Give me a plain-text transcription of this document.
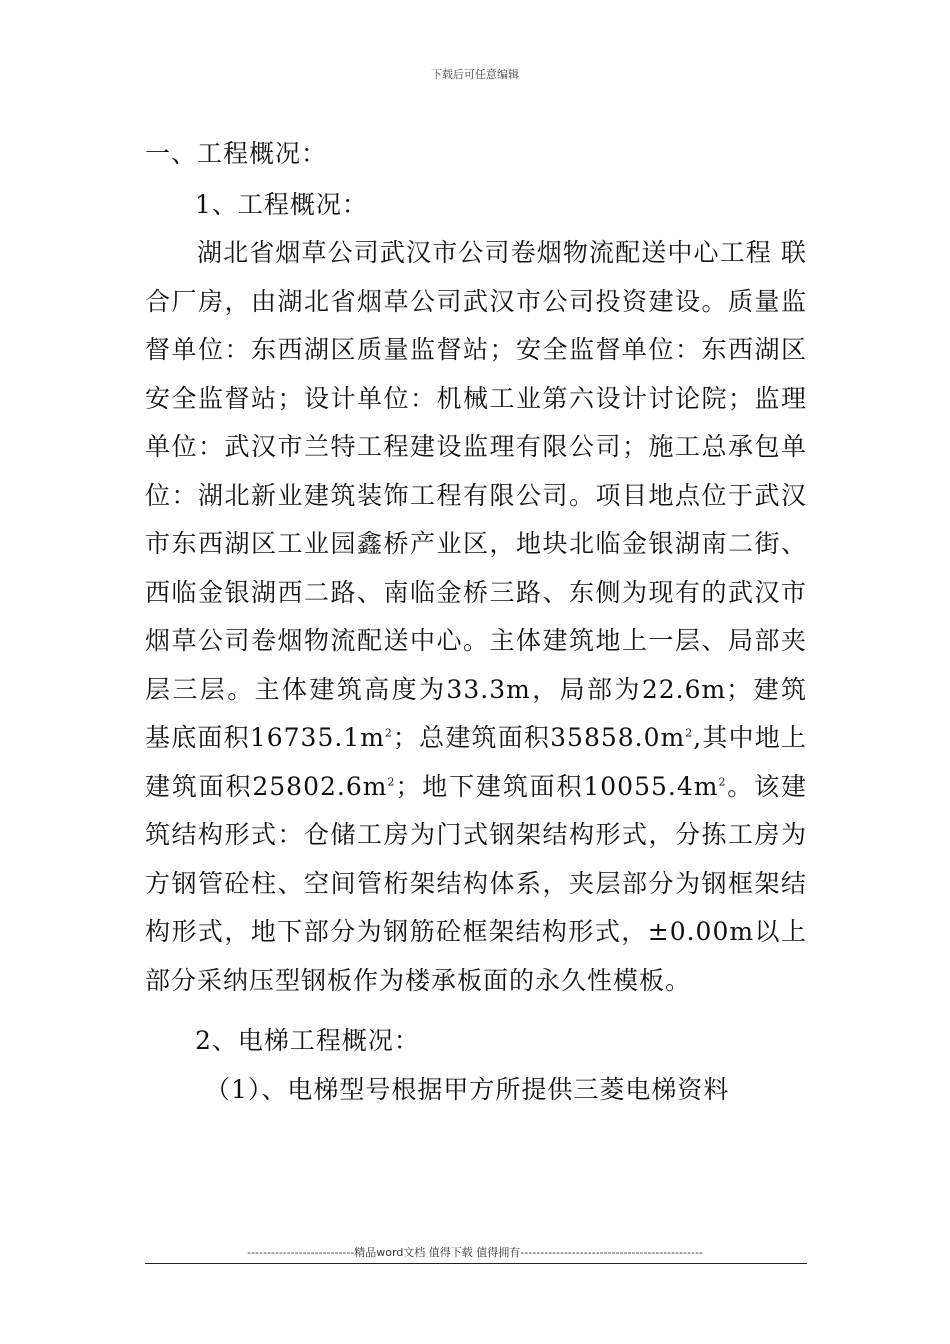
下载后可任意编辑

一、工程概况：

1、工程概况：

湖北省烟草公司武汉市公司卷烟物流配送中心工程 联合厂房，由湖北省烟草公司武汉市公司投资建设。质量监督单位：东西湖区质量监督站；安全监督单位：东西湖区安全监督站；设计单位：机械工业第六设计讨论院；监理单位：武汉市兰特工程建设监理有限公司；施工总承包单位：湖北新业建筑装饰工程有限公司。项目地点位于武汉市东西湖区工业园鑫桥产业区，地块北临金银湖南二街、西临金银湖西二路、南临金桥三路、东侧为现有的武汉市烟草公司卷烟物流配送中心。主体建筑地上一层、局部夹层三层。主体建筑高度为33.3m，局部为22.6m；建筑基底面积$16735.1m^2$；总建筑面积$35858.0m^2$,其中地上建筑面积$25802.6m^2$；地下建筑面积$10055.4m^2$。该建筑结构形式：仓储工房为门式钢架结构形式，分拣工房为方钢管砼柱、空间管桁架结构体系，夹层部分为钢框架结构形式，地下部分为钢筋砼框架结构形式，±0.00m以上部分采纳压型钢板作为楼承板面的永久性模板。

2、电梯工程概况：

（1）、电梯型号根据甲方所提供三菱电梯资料

---------------------------精品word文档 值得下载 值得拥有----------------------------------------------
